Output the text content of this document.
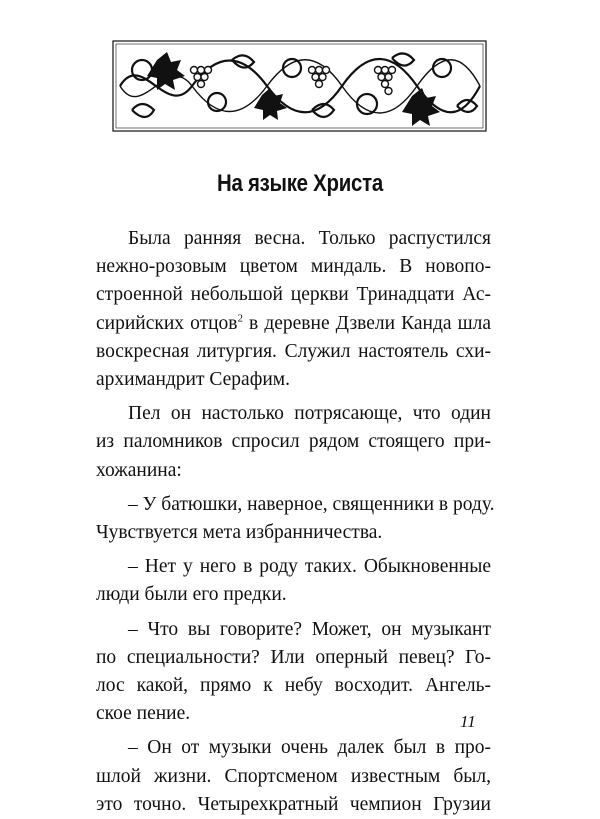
На языке Христа
Была ранняя весна. Только распустился
нежно-розовым цветом миндаль. В новопо-
строенной небольшой церкви Тринадцати Ас-
сирийских отцов$^2$ в деревне Дзвели Канда шла
воскресная литургия. Служил настоятель схи-
архимандрит Серафим.
Пел он настолько потрясающе, что один
из паломников спросил рядом стоящего при-
хожанина:
– У батюшки, наверное, священники в роду.
Чувствуется мета избранничества.
– Нет у него в роду таких. Обыкновенные
люди были его предки.
– Что вы говорите? Может, он музыкант
по специальности? Или оперный певец? Го-
лос какой, прямо к небу восходит. Ангель-
ское пение.
– Он от музыки очень далек был в про-
шлой жизни. Спортсменом известным был,
это точно. Четырехкратный чемпион Грузии
11
